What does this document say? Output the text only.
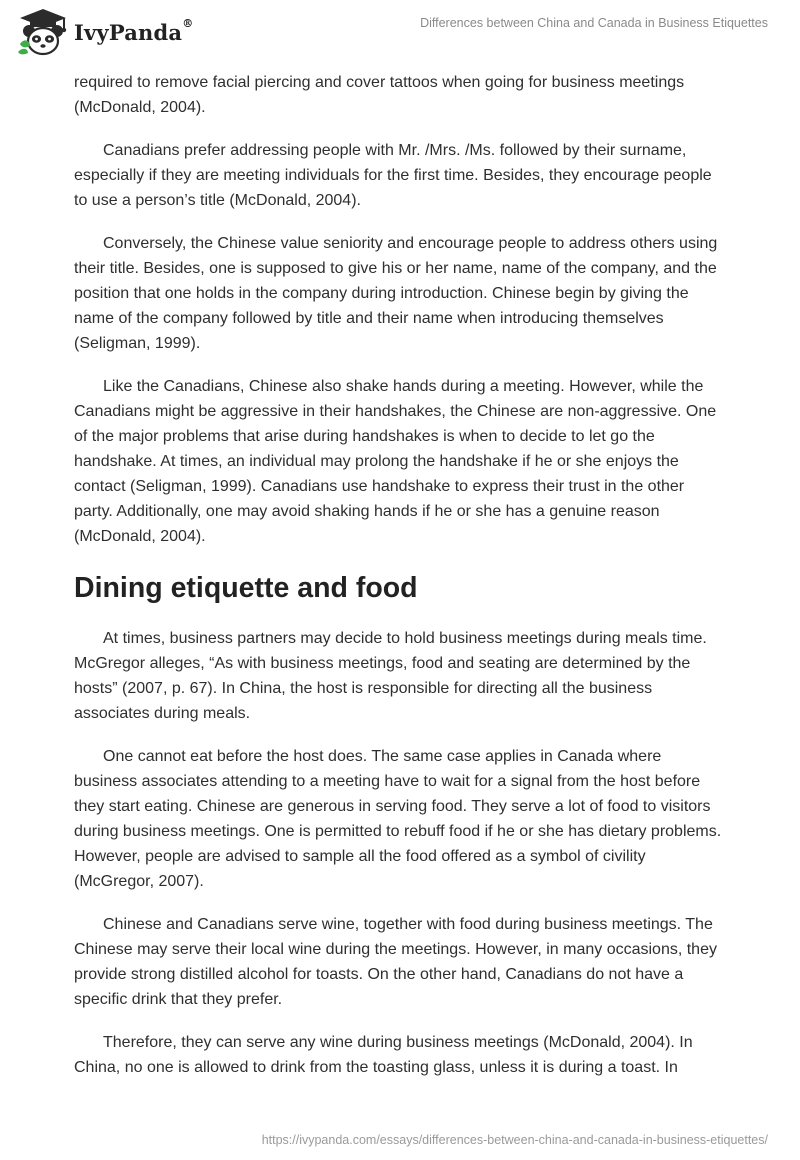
IvyPanda®	Differences between China and Canada in Business Etiquettes

required to remove facial piercing and cover tattoos when going for business meetings (McDonald, 2004).

Canadians prefer addressing people with Mr. /Mrs. /Ms. followed by their surname, especially if they are meeting individuals for the first time. Besides, they encourage people to use a person’s title (McDonald, 2004).

Conversely, the Chinese value seniority and encourage people to address others using their title. Besides, one is supposed to give his or her name, name of the company, and the position that one holds in the company during introduction. Chinese begin by giving the name of the company followed by title and their name when introducing themselves (Seligman, 1999).

Like the Canadians, Chinese also shake hands during a meeting. However, while the Canadians might be aggressive in their handshakes, the Chinese are non-aggressive. One of the major problems that arise during handshakes is when to decide to let go the handshake. At times, an individual may prolong the handshake if he or she enjoys the contact (Seligman, 1999). Canadians use handshake to express their trust in the other party. Additionally, one may avoid shaking hands if he or she has a genuine reason (McDonald, 2004).

Dining etiquette and food

At times, business partners may decide to hold business meetings during meals time. McGregor alleges, “As with business meetings, food and seating are determined by the hosts” (2007, p. 67). In China, the host is responsible for directing all the business associates during meals.

One cannot eat before the host does. The same case applies in Canada where business associates attending to a meeting have to wait for a signal from the host before they start eating. Chinese are generous in serving food. They serve a lot of food to visitors during business meetings. One is permitted to rebuff food if he or she has dietary problems. However, people are advised to sample all the food offered as a symbol of civility (McGregor, 2007).

Chinese and Canadians serve wine, together with food during business meetings. The Chinese may serve their local wine during the meetings. However, in many occasions, they provide strong distilled alcohol for toasts. On the other hand, Canadians do not have a specific drink that they prefer.

Therefore, they can serve any wine during business meetings (McDonald, 2004). In China, no one is allowed to drink from the toasting glass, unless it is during a toast. In

https://ivypanda.com/essays/differences-between-china-and-canada-in-business-etiquettes/
